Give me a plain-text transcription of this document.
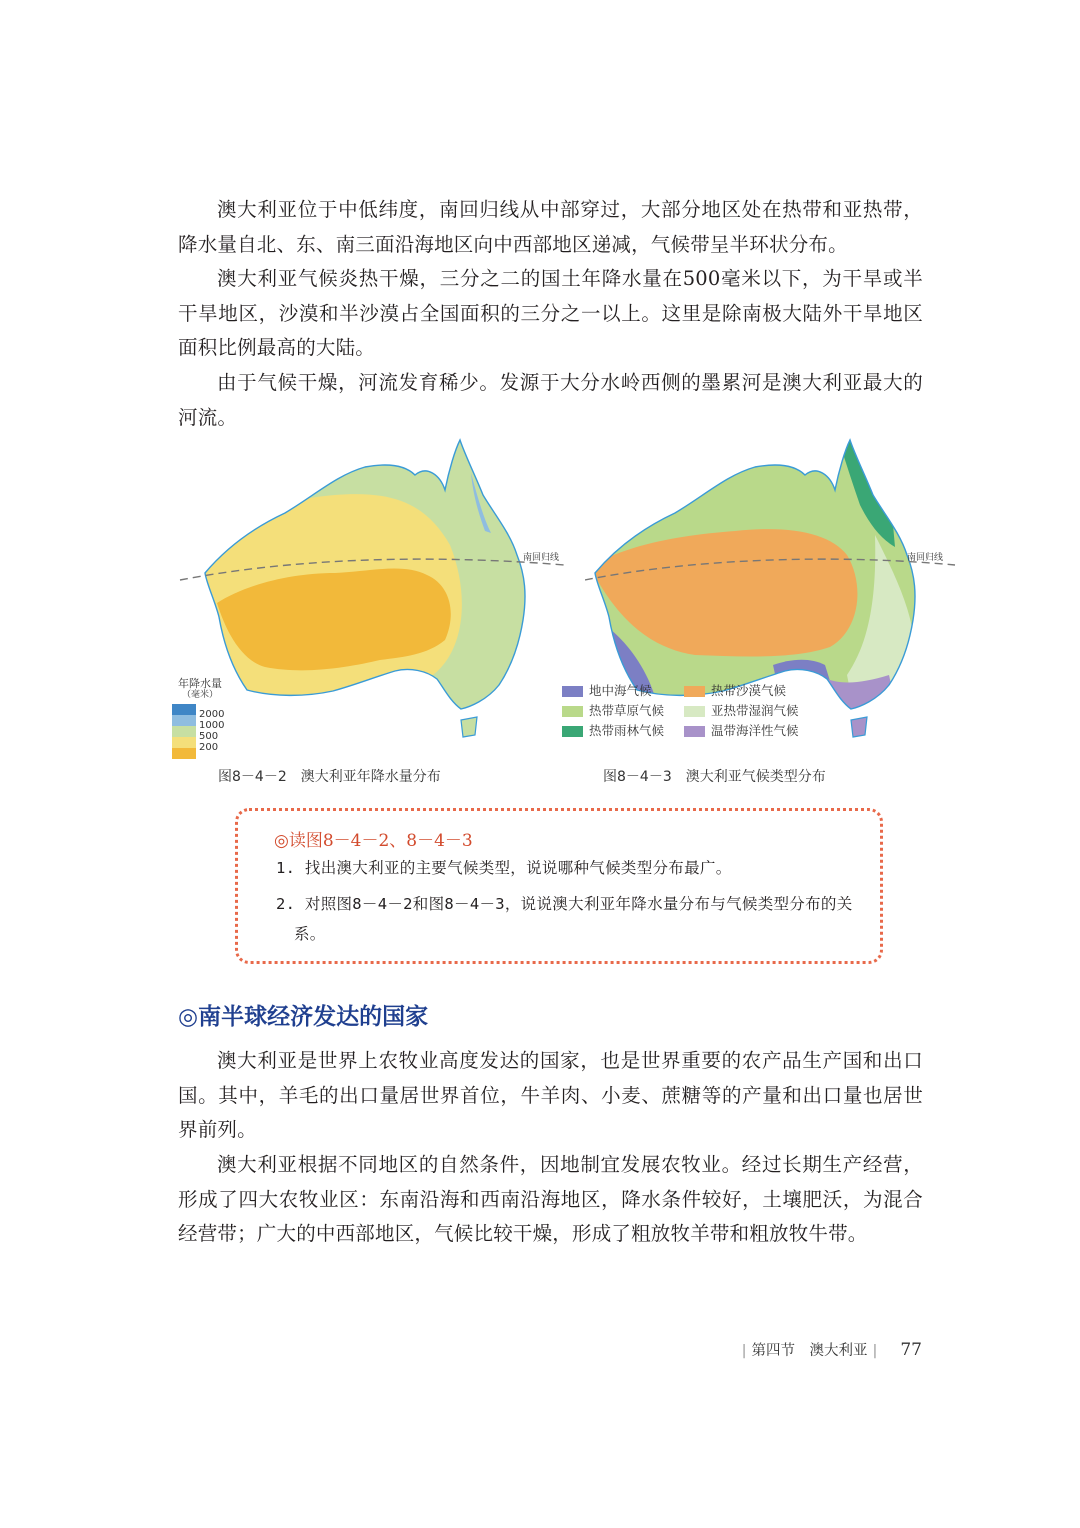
澳大利亚位于中低纬度，南回归线从中部穿过，大部分地区处在热带和亚热带，降水量自北、东、南三面沿海地区向中西部地区递减，气候带呈半环状分布。

澳大利亚气候炎热干燥，三分之二的国土年降水量在500毫米以下，为干旱或半干旱地区，沙漠和半沙漠占全国面积的三分之一以上。这里是除南极大陆外干旱地区面积比例最高的大陆。

由于气候干燥，河流发育稀少。发源于大分水岭西侧的墨累河是澳大利亚最大的河流。

南回归线
年降水量
（毫米）
2000
1000
500
200
南回归线
地中海气候	热带沙漠气候
热带草原气候	亚热带湿润气候
热带雨林气候	温带海洋性气候
图8－4－2 澳大利亚年降水量分布	图8－4－3 澳大利亚气候类型分布
◎读图8－4－2、8－4－3
1. 找出澳大利亚的主要气候类型，说说哪种气候类型分布最广。
2. 对照图8－4－2和图8－4－3，说说澳大利亚年降水量分布与气候类型分布的关系。
◎南半球经济发达的国家

澳大利亚是世界上农牧业高度发达的国家，也是世界重要的农产品生产国和出口国。其中，羊毛的出口量居世界首位，牛羊肉、小麦、蔗糖等的产量和出口量也居世界前列。

澳大利亚根据不同地区的自然条件，因地制宜发展农牧业。经过长期生产经营，形成了四大农牧业区：东南沿海和西南沿海地区，降水条件较好，土壤肥沃，为混合经营带；广大的中西部地区，气候比较干燥，形成了粗放牧羊带和粗放牧牛带。

| 第四节　澳大利亚 | 77
